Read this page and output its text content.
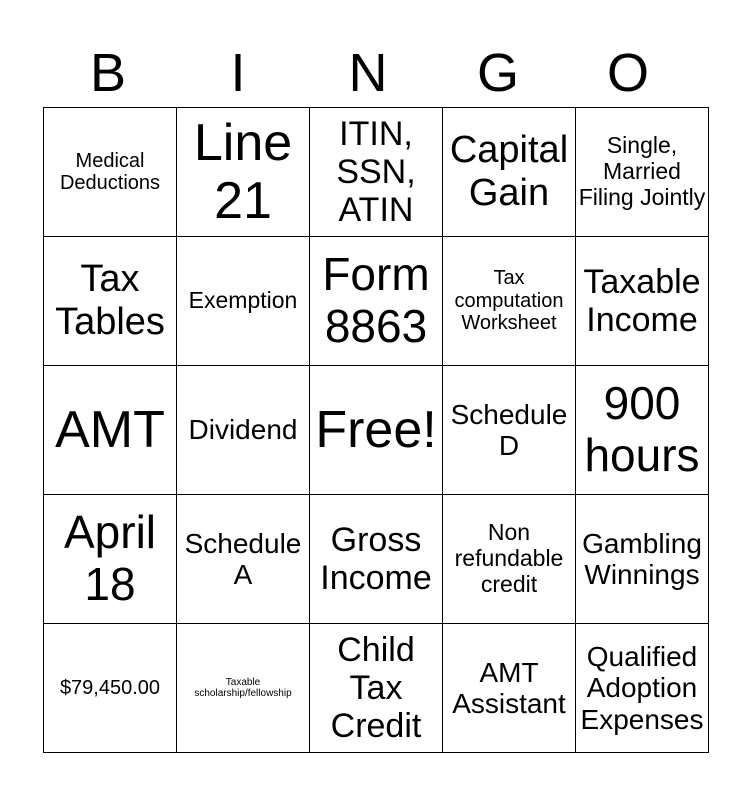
B	I	N	G	O
Medical Deductions	Line 21	ITIN, SSN, ATIN	Capital Gain	Single, Married Filing Jointly
Tax Tables	Exemption	Form 8863	Tax computation Worksheet	Taxable Income
AMT	Dividend	Free!	Schedule D	900 hours
April 18	Schedule A	Gross Income	Non refundable credit	Gambling Winnings
$79,450.00	Taxable scholarship/fellowship	Child Tax Credit	AMT Assistant	Qualified Adoption Expenses
